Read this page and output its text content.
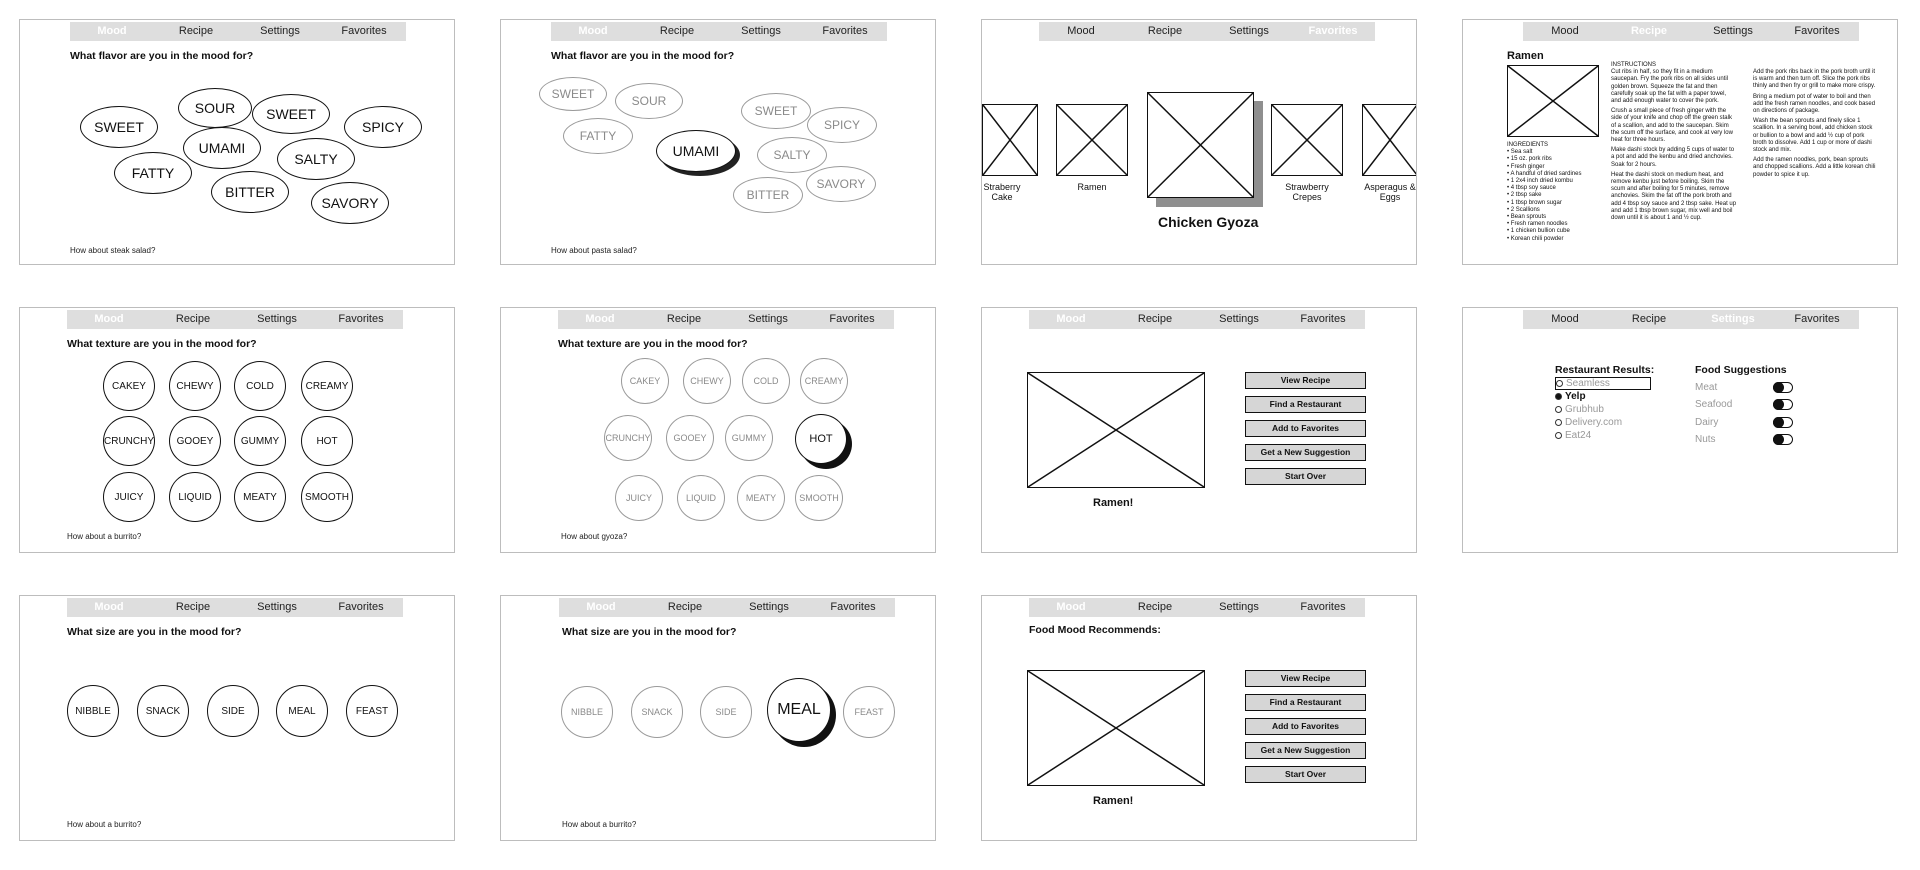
Mood	Recipe	Settings	Favorites
What flavor are you in the mood for?
SWEET
SOUR	SWEET
SPICY
UMAMI
SALTY
FATTY
BITTER
SAVORY
How about steak salad?
Mood	Recipe	Settings	Favorites
What flavor are you in the mood for?
SWEET	SOUR
FATTY
UMAMI
SWEET
SPICY
SALTY
SAVORY
BITTER
How about pasta salad?
Mood	Recipe	Settings	Favorites
Straberry Cake
Ramen
Chicken Gyoza
Strawberry Crepes
Asperagus & Eggs
Mood	Recipe	Settings	Favorites
Ramen
INGREDIENTS
• Sea salt
• 15 oz. pork ribs
• Fresh ginger
• A handful of dried sardines
• 1 2x4 inch dried kombu
• 4 tbsp soy sauce
• 2 tbsp sake
• 1 tbsp brown sugar
• 2 Scallions
• Bean sprouts
• Fresh ramen noodles
• 1 chicken bullion cube
• Korean chili powder
INSTRUCTIONS

Cut ribs in half, so they fit in a medium saucepan. Fry the pork ribs on all sides until golden brown. Squeeze the fat and then carefully soak up the fat with a paper towel, and add enough water to cover the pork.

Crush a small piece of fresh ginger with the side of your knife and chop off the green stalk of a scallion, and add to the saucepan. Skim the scum off the surface, and cook at very low heat for three hours.

Make dashi stock by adding 5 cups of water to a pot and add the kenbu and dried anchovies. Soak for 2 hours.

Heat the dashi stock on medium heat, and remove kenbu just before boiling. Skim the scum and after boiling for 5 minutes, remove anchovies. Skim the fat off the pork broth and add 4 tbsp soy sauce and 2 tbsp sake. Heat up and add 1 tbsp brown sugar, mix well and boil down until it is about 1 and ½ cup.

Add the pork ribs back in the pork broth until it is warm and then turn off. Slice the pork ribs thinly and then fry or grill to make more crispy.

Bring a medium pot of water to boil and then add the fresh ramen noodles, and cook based on directions of package.

Wash the bean sprouts and finely slice 1 scallion. In a serving bowl, add chicken stock or bullion to a bowl and add ½ cup of pork broth to dissolve. Add 1 cup or more of dashi stock and mix.

Add the ramen noodles, pork, bean sprouts and chopped scallions. Add a little korean chili powder to spice it up.

Mood	Recipe	Settings	Favorites
What texture are you in the mood for?
CAKEY	CHEWY	COLD	CREAMY
CRUNCHY	GOOEY	GUMMY	HOT
JUICY	LIQUID	MEATY	SMOOTH
How about a burrito?
Mood	Recipe	Settings	Favorites
What texture are you in the mood for?
CAKEY	CHEWY	COLD	CREAMY
CRUNCHY	GOOEY	GUMMY	HOT
JUICY	LIQUID	MEATY	SMOOTH
How about gyoza?
Mood	Recipe	Settings	Favorites
Ramen!
View Recipe
Find a Restaurant
Add to Favorites
Get a New Suggestion
Start Over
Mood	Recipe	Settings	Favorites
Restaurant Results:
Seamless
Yelp
Grubhub
Delivery.com
Eat24
Food Suggestions
Meat
Seafood
Dairy
Nuts
Mood	Recipe	Settings	Favorites
What size are you in the mood for?
NIBBLE	SNACK	SIDE	MEAL	FEAST
How about a burrito?
Mood	Recipe	Settings	Favorites
What size are you in the mood for?
NIBBLE	SNACK	SIDE	MEAL	FEAST
How about a burrito?
Mood	Recipe	Settings	Favorites
Food Mood Recommends:
Ramen!
View Recipe
Find a Restaurant
Add to Favorites
Get a New Suggestion
Start Over
